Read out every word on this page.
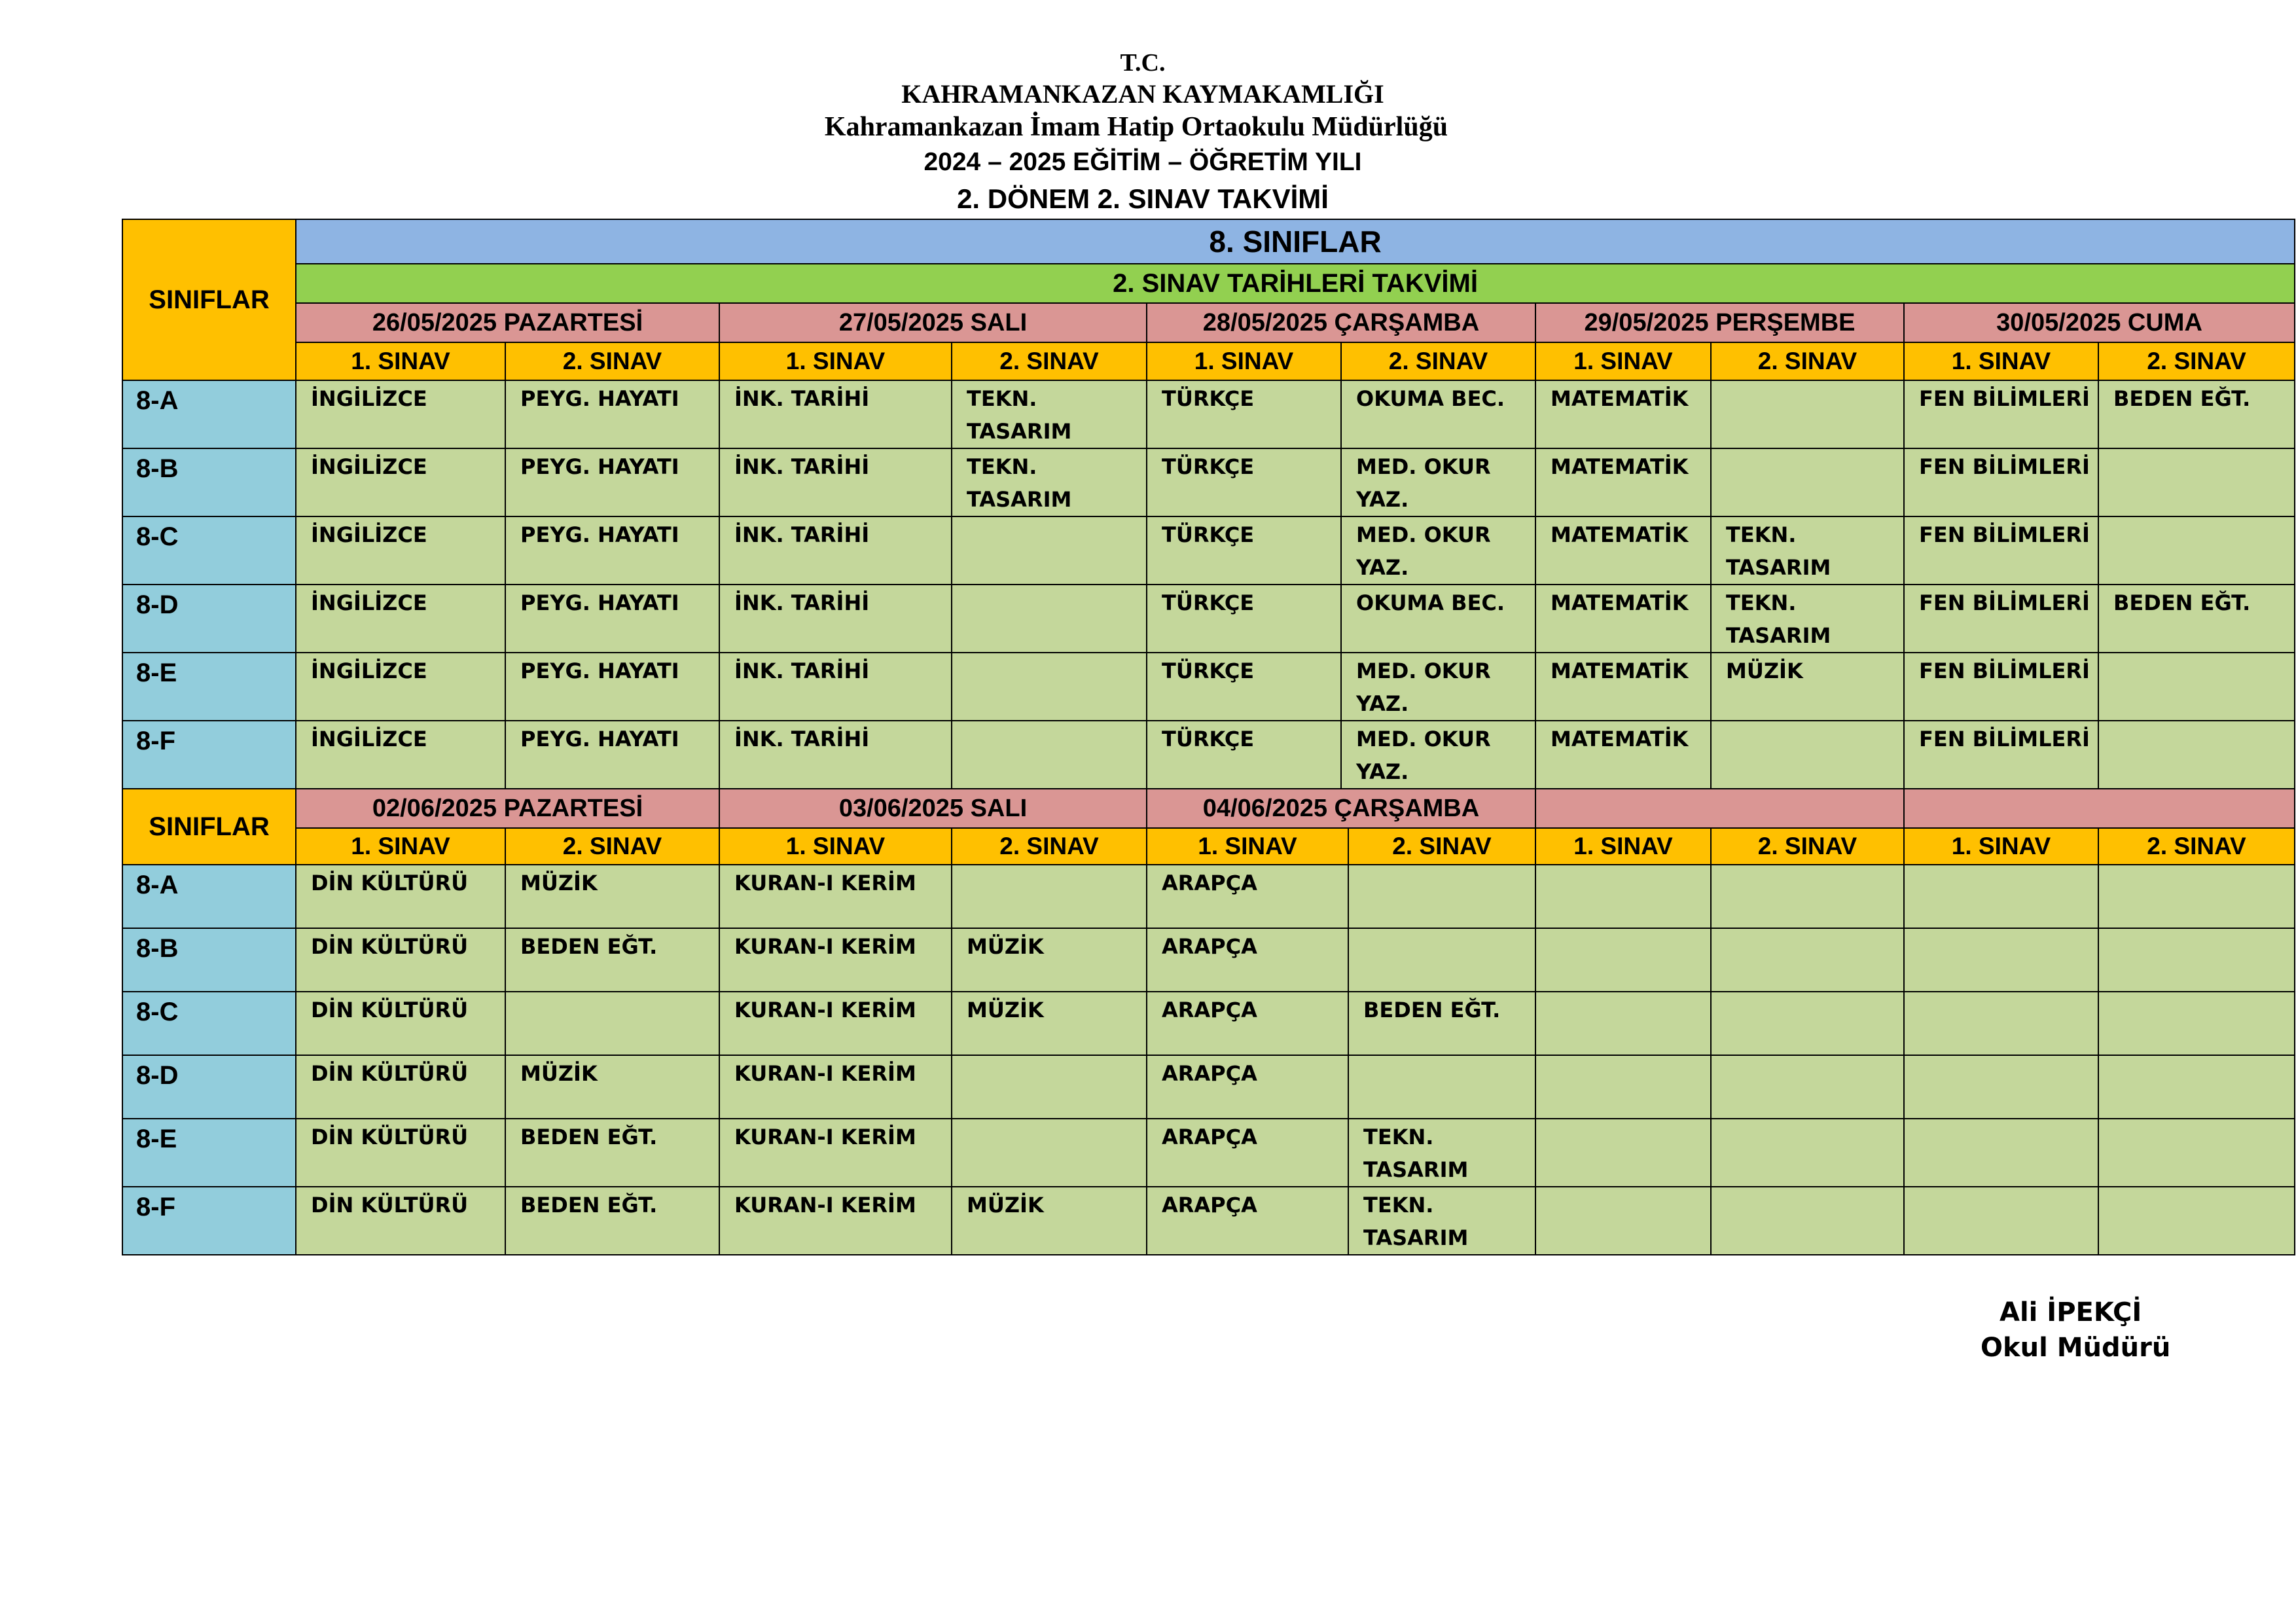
T.C.
KAHRAMANKAZAN KAYMAKAMLIĞI
Kahramankazan İmam Hatip Ortaokulu Müdürlüğü
2024 – 2025 EĞİTİM – ÖĞRETİM YILI
2. DÖNEM 2. SINAV TAKVİMİ
SINIFLAR	8. SINIFLAR									
	2. SINAV TARİHLERİ TAKVİMİ									
	26/05/2025 PAZARTESİ		27/05/2025 SALI		28/05/2025 ÇARŞAMBA		29/05/2025 PERŞEMBE		30/05/2025 CUMA	
	1. SINAV	2. SINAV	1. SINAV	2. SINAV	1. SINAV	2. SINAV	1. SINAV	2. SINAV	1. SINAV	2. SINAV
8-A	İNGİLİZCE	PEYG. HAYATI	İNK. TARİHİ	TEKN. TASARIM	TÜRKÇE	OKUMA BEC.	MATEMATİK		FEN BİLİMLERİ	BEDEN EĞT.
8-B	İNGİLİZCE	PEYG. HAYATI	İNK. TARİHİ	TEKN. TASARIM	TÜRKÇE	MED. OKUR YAZ.	MATEMATİK		FEN BİLİMLERİ	
8-C	İNGİLİZCE	PEYG. HAYATI	İNK. TARİHİ		TÜRKÇE	MED. OKUR YAZ.	MATEMATİK	TEKN. TASARIM	FEN BİLİMLERİ	
8-D	İNGİLİZCE	PEYG. HAYATI	İNK. TARİHİ		TÜRKÇE	OKUMA BEC.	MATEMATİK	TEKN. TASARIM	FEN BİLİMLERİ	BEDEN EĞT.
8-E	İNGİLİZCE	PEYG. HAYATI	İNK. TARİHİ		TÜRKÇE	MED. OKUR YAZ.	MATEMATİK	MÜZİK	FEN BİLİMLERİ	
8-F	İNGİLİZCE	PEYG. HAYATI	İNK. TARİHİ		TÜRKÇE	MED. OKUR YAZ.	MATEMATİK		FEN BİLİMLERİ	
SINIFLAR	02/06/2025 PAZARTESİ		03/06/2025 SALI		04/06/2025 ÇARŞAMBA					
	1. SINAV	2. SINAV	1. SINAV	2. SINAV	1. SINAV	2. SINAV	1. SINAV	2. SINAV	1. SINAV	2. SINAV
8-A	DİN KÜLTÜRÜ	MÜZİK	KURAN-I KERİM		ARAPÇA					
8-B	DİN KÜLTÜRÜ	BEDEN EĞT.	KURAN-I KERİM	MÜZİK	ARAPÇA					
8-C	DİN KÜLTÜRÜ		KURAN-I KERİM	MÜZİK	ARAPÇA	BEDEN EĞT.				
8-D	DİN KÜLTÜRÜ	MÜZİK	KURAN-I KERİM		ARAPÇA					
8-E	DİN KÜLTÜRÜ	BEDEN EĞT.	KURAN-I KERİM		ARAPÇA	TEKN. TASARIM				
8-F	DİN KÜLTÜRÜ	BEDEN EĞT.	KURAN-I KERİM	MÜZİK	ARAPÇA	TEKN. TASARIM				
Ali İPEKÇİ
Okul Müdürü
